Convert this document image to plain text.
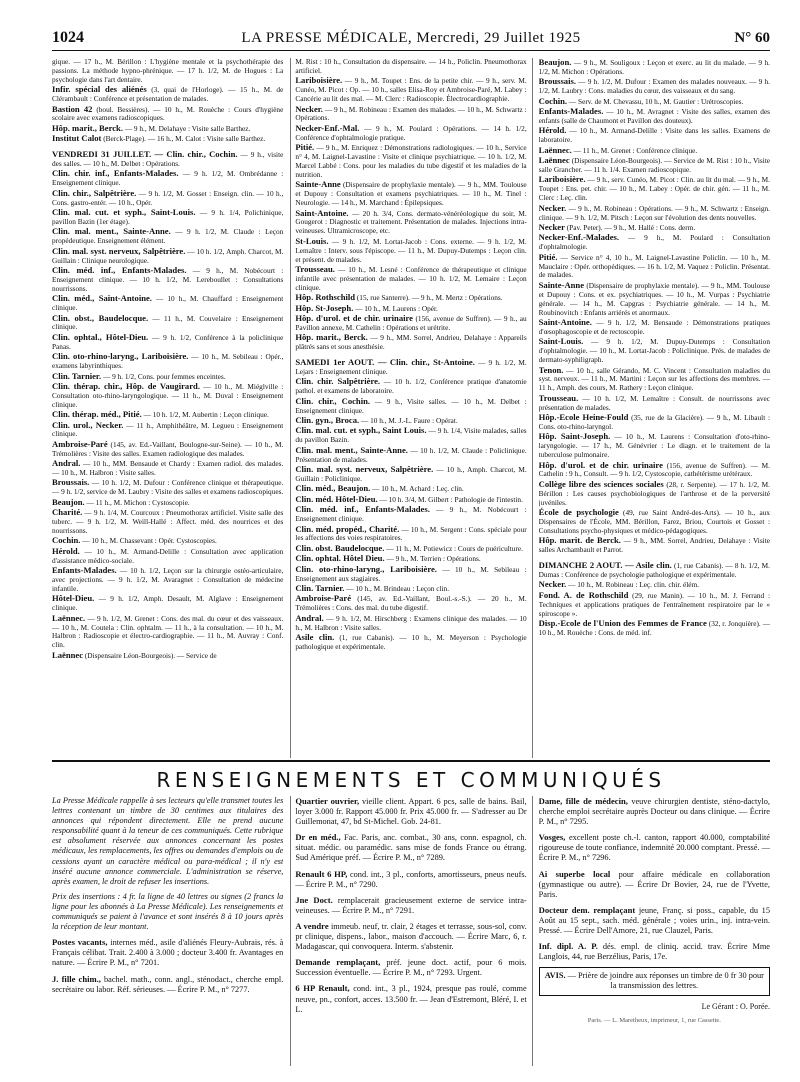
1024	LA PRESSE MÉDICALE, Mercredi, 29 Juillet 1925	N° 60

gique. — 17 h., M. Bérillon : L'hygiène mentale et la psychothérapie des passions. La méthode hypno-phrénique. — 17 h. 1/2, M. de Hogues : La psychologie dans l'art dentaire.

Infir. spécial des aliénés (3, quai de l'Horloge). — 15 h., M. de Clérambault : Conférence et présentation de malades.

Bastion 42 (boul. Bessières). — 10 h., M. Rouèche : Cours d'hygiène scolaire avec examens radioscopiques.

Hôp. marit., Berck. — 9 h., M. Delahaye : Visite salle Barthez.

Institut Calot (Berck-Plage). — 16 h., M. Calot : Visite salle Barthez.

VENDREDI 31 JUILLET. — Clin. chir., Cochin. — 9 h., visite des salles. — 10 h., M. Delbet : Opérations.

Clin. chir. inf., Enfants-Malades. — 9 h. 1/2, M. Ombrédanne : Enseignement clinique.

Clin. chir., Salpêtrière. — 9 h. 1/2, M. Gosset : Enseign. clin. — 10 h., Cons. gastro-entér. — 10 h., Opér.

Clin. mal. cut. et syph., Saint-Louis. — 9 h. 1/4, Polichinique, pavillon Bazin (1er étage).

Clin. mal. ment., Sainte-Anne. — 9 h. 1/2, M. Claude : Leçon propédeutique. Enseignement élément.

Clin. mal. syst. nerveux, Salpêtrière. — 10 h. 1/2, Amph. Charcot, M. Guillain : Clinique neurologique.

Clin. méd. inf., Enfants-Malades. — 9 h., M. Nobécourt : Enseignement clinique. — 10 h. 1/2, M. Lereboullet : Consultations nourrissons.

Clin. méd., Saint-Antoine. — 10 h., M. Chauffard : Enseignement clinique.

Clin. obst., Baudelocque. — 11 h., M. Couvelaire : Enseignement clinique.

Clin. ophtal., Hôtel-Dieu. — 9 h. 1/2, Conférence à la policlinique Panas.

Clin. oto-rhino-laryng., Lariboisière. — 10 h., M. Sebileau : Opér., examens labyrinthiques.

Clin. Tarnier. — 9 h. 1/2, Cons. pour femmes enceintes.

Clin. thérap. chir., Hôp. de Vaugirard. — 10 h., M. Miéglville : Consultation oto-rhino-laryngologique. — 11 h., M. Duval : Enseignement clinique.

Clin. thérap. méd., Pitié. — 10 h. 1/2, M. Aubertin : Leçon clinique.

Clin. urol., Necker. — 11 h., Amphithéâtre, M. Legueu : Enseignement clinique.

Ambroise-Paré (145, av. Ed.-Vaillant, Boulogne-sur-Seine). — 10 h., M. Trémolières : Visite des salles. Examen radiologique des malades.

Andral. — 10 h., MM. Bensaude et Chardy : Examen radiol. des malades. — 10 h., M. Halbron : Visite salles.

Broussais. — 10 h. 1/2, M. Dufour : Conférence clinique et thérapeutique. — 9 h. 1/2, service de M. Laubry : Visite des salles et examens radioscopiques.

Beaujon. — 11 h., M. Michon : Cystoscopie.

Charité. — 9 h. 1/4, M. Courcoux : Pneumothorax artificiel. Visite salle des tuberc. — 9 h. 1/2, M. Weill-Hallé : Affect. méd. des nourrices et des nourrissons.

Cochin. — 10 h., M. Chassevant : Opér. Cystoscopies.

Hérold. — 10 h., M. Armand-Delille : Consultation avec application d'assistance médico-sociale.

Enfants-Malades. — 10 h. 1/2, Leçon sur la chirurgie ostéo-articulaire, avec projections. — 9 h. 1/2, M. Avaragnet : Consultation de médecine infantile.

Hôtel-Dieu. — 9 h. 1/2, Amph. Desault, M. Alglave : Enseignement clinique.

Laënnec. — 9 h. 1/2, M. Grenet : Cons. des mal. du cœur et des vaisseaux. — 10 h., M. Coutela : Clin. ophtalm. — 11 h., à la consultation. — 10 h., M. Halbron : Radioscopie et électro-cardiographie. — 11 h., M. Auvray : Conf. clin.

Laënnec (Dispensaire Léon-Bourgeois). — Service de

M. Rist : 10 h., Consultation du dispensaire. — 14 h., Policlin. Pneumothorax artificiel.

Lariboisière. — 9 h., M. Toupet : Ens. de la petite chir. — 9 h., serv. M. Cunéo, M. Picot : Op. — 10 h., salles Elisa-Roy et Ambroise-Paré, M. Labey : Cancérie au lit des mal. — M. Clerc : Radioscopie. Électrocardiographie.

Necker. — 9 h., M. Robineau : Examen des malades. — 10 h., M. Schwartz : Opérations.

Necker-Enf.-Mal. — 9 h., M. Poulard : Opérations. — 14 h. 1/2, Conférence d'ophtalmologie pratique.

Pitié. — 9 h., M. Enriquez : Démonstrations radiologiques. — 10 h., Service n° 4, M. Laignel-Lavastine : Visite et clinique psychiatrique. — 10 h. 1/2, M. Marcel Labbé : Cons. pour les maladies du tube digestif et les maladies de la nutrition.

Sainte-Anne (Dispensaire de prophylaxie mentale). — 9 h., MM. Toulouse et Dupouy : Consultation et examens psychiatriques. — 10 h., M. Tinel : Neurologie. — 14 h., M. Marchand : Épilepsiques.

Saint-Antoine. — 20 h. 3/4, Cons. dermato-vénéréologique du soir, M. Gougerot : Diagnostic et traitement. Présentation de malades. Injections intra-veineuses. Ultramicroscope, etc.

St-Louis. — 9 h. 1/2, M. Lortat-Jacob : Cons. externe. — 9 h. 1/2, M. Lemaître : Interv. sous l'épiscope. — 11 h., M. Dupuy-Dutemps : Leçon clin. et présent. de malades.

Trousseau. — 10 h., M. Lesné : Conférence de thérapeutique et clinique infantile avec présentation de malades. — 10 h. 1/2, M. Lemaire : Leçon clinique.

Hôp. Rothschild (15, rue Santerre). — 9 h., M. Mertz : Opérations.

Hôp. St-Joseph. — 10 h., M. Laurens : Opér.

Hôp. d'urol. et de chir. urinaire (156, avenue de Suffren). — 9 h., au Pavillon annexe, M. Cathelin : Opérations et urétrite.

Hôp. marit., Berck. — 9 h., MM. Sorrel, Andrieu, Delahaye : Appareils plâtrés sans et sous anesthésie.

SAMEDI 1er AOUT. — Clin. chir., St-Antoine. — 9 h. 1/2, M. Lejars : Enseignement clinique.

Clin. chir. Salpêtrière. — 10 h. 1/2, Conférence pratique d'anatomie pathol. et examens de laboratoire.

Clin. chir., Cochin. — 9 h., Visite salles. — 10 h., M. Delbet : Enseignement clinique.

Clin. gyn., Broca. — 10 h., M. J.-L. Faure : Opérat.

Clin. mal. cut. et syph., Saint Louis. — 9 h. 1/4, Visite malades, salles du pavillon Bazin.

Clin. mal. ment., Sainte-Anne. — 10 h. 1/2, M. Claude : Policlinique. Présentation de malades.

Clin. mal. syst. nerveux, Salpêtrière. — 10 h., Amph. Charcot, M. Guillain : Policlinique.

Clin. méd., Beaujon. — 10 h., M. Achard : Leç. clin.

Clin. méd. Hôtel-Dieu. — 10 h. 3/4, M. Gilbert : Pathologie de l'intestin.

Clin. méd. inf., Enfants-Malades. — 9 h., M. Nobécourt : Enseignement clinique.

Clin. méd. propéd., Charité. — 10 h., M. Sergent : Cons. spéciale pour les affections des voies respiratoires.

Clin. obst. Baudelocque. — 11 h., M. Potiewicz : Cours de puériculture.

Clin. ophtal. Hôtel Dieu. — 9 h., M. Terrien : Opérations.

Clin. oto-rhino-laryng., Lariboisière. — 10 h., M. Sebileau : Enseignement aux stagiaires.

Clin. Tarnier. — 10 h., M. Brindeau : Leçon clin.

Ambroise-Paré (145, av. Ed.-Vaillant, Boul.-s.-S.). — 20 h., M. Trémolières : Cons. des mal. du tube digestif.

Andral. — 9 h. 1/2, M. Hirschberg : Examens clinique des malades. — 10 h., M. Halbron : Visite salles.

Asile clin. (1, rue Cabanis). — 10 h., M. Meyerson : Psychologie pathologique et expérimentale.

Beaujon. — 9 h., M. Souligoux : Leçon et exerc. au lit du malade. — 9 h. 1/2, M. Michon : Opérations.

Broussais. — 9 h. 1/2, M. Dufour : Examen des malades nouveaux. — 9 h. 1/2, M. Laubry : Cons. maladies du cœur, des vaisseaux et du sang.

Cochin. — Serv. de M. Chevassu, 10 h., M. Gautier : Urétroscopies.

Enfants-Malades. — 10 h., M. Avragnet : Visite des salles, examen des enfants (salle de Chaumont et Pavillon des douteux).

Hérold. — 10 h., M. Armand-Delille : Visite dans les salles. Examens de laboratoire.

Laënnec. — 11 h., M. Grenet : Conférence clinique.

Laënnec (Dispensaire Léon-Bourgeois). — Service de M. Rist : 10 h., Visite salle Grancher. — 11 h. 1/4. Examen radioscopique.

Lariboisière. — 9 h., serv. Cunéo, M. Picot : Clin. au lit du mal. — 9 h., M. Toupet : Ens. pet. chir. — 10 h., M. Labey : Opér. de chir. gén. — 11 h., M. Clerc : Leç. clin.

Necker. — 9 h., M. Robineau : Opérations. — 9 h., M. Schwartz : Enseign. clinique. — 9 h. 1/2, M. Pitsch : Leçon sur l'évolution des dents nouvelles.

Necker (Pav. Peter). — 9 h., M. Hallé : Cons. derm.

Necker-Enf.-Malades. — 9 h., M. Poulard : Consultation d'ophtalmologie.

Pitié. — Service n° 4, 10 h., M. Laignel-Lavastine Policlin. — 10 h., M. Mauclaire : Opér. orthopédiques. — 16 h. 1/2, M. Vaquez : Policlin. Présentat. de malades.

Sainte-Anne (Dispensaire de prophylaxie mentale). — 9 h., MM. Toulouse et Dupouy : Cons. et ex. psychiatriques. — 10 h., M. Vurpas : Psychiatrie générale. — 14 h., M. Capgras : Psychiatrie générale. — 14 h., M. Roubinovitch : Enfants arriérés et anormaux.

Saint-Antoine. — 9 h. 1/2, M. Bensaude : Démonstrations pratiques d'œsophagoscopie et de rectoscopie.

Saint-Louis. — 9 h. 1/2, M. Dupuy-Dutemps : Consultation d'ophtalmologie. — 10 h., M. Lortat-Jacob : Policlinique. Prés. de malades de dermato-syphiligraph.

Tenon. — 10 h., salle Gérando, M. C. Vincent : Consultation maladies du syst. nerveux. — 11 h., M. Martini : Leçon sur les affections des membres. — 11 h., Amph. des cours, M. Rathery : Leçon clinique.

Trousseau. — 10 h. 1/2, M. Lemaître : Consult. de nourrissons avec présentation de malades.

Hôp.-Ecole Heine-Fould (35, rue de la Glacière). — 9 h., M. Libault : Cons. oto-rhino-laryngol.

Hôp. Saint-Joseph. — 10 h., M. Laurens : Consultation d'oto-rhino-laryngologie. — 17 h., M. Génévrier : Le diagn. et le traitement de la tuberculose pulmonaire.

Hôp. d'urol. et de chir. urinaire (156, avenue de Suffren). — M. Cathelin : 9 h., Consult. — 9 h. 1/2, Cystoscopie, cathétérisme urétéraux.

Collège libre des sciences sociales (28, r. Serpente). — 17 h. 1/2, M. Bérillon : Les causes psychobiologiques de l'arthrose et de la perversité juvéniles.

École de psychologie (49, rue Saint André-des-Arts). — 10 h., aux Dispensaires de l'École, MM. Bérillon, Farez, Briou, Courtois et Gosset : Consultations psycho-physiques et médico-pédagogiques.

Hôp. marit. de Berck. — 9 h., MM. Sorrel, Andrieu, Delahaye : Visite salles Archambault et Parrot.

DIMANCHE 2 AOUT. — Asile clin. (1, rue Cabanis). — 8 h. 1/2, M. Dumas : Conférence de psychologie pathologique et expérimentale.

Necker. — 10 h., M. Robineau : Leç. clin. chir. élém.

Fond. A. de Rothschild (29, rue Manin). — 10 h., M. J. Ferrand : Techniques et applications pratiques de l'entraînement respiratoire par le « spiroscope ».

Disp.-Ecole de l'Union des Femmes de France (32, r. Jonquière). — 10 h., M. Rouèche : Cons. de méd. inf.

RENSEIGNEMENTS ET COMMUNIQUÉS

La Presse Médicale rappelle à ses lecteurs qu'elle transmet toutes les lettres contenant un timbre de 30 centimes aux titulaires des annonces qui répondent directement. Elle ne prend aucune responsabilité quant à la teneur de ces communiqués. Cette rubrique est absolument réservée aux annonces concernant les postes médicaux, les remplacements, les offres ou demandes d'emplois ou de cessions ayant un caractère médical ou para-médical ; il n'y est inséré aucune annonce commerciale. L'administration se réserve, après examen, le droit de refuser les insertions.

Prix des insertions : 4 fr. la ligne de 40 lettres ou signes (2 francs la ligne pour les abonnés à La Presse Médicale). Les renseignements et communiqués se paient à l'avance et sont insérés 8 à 10 jours après la réception de leur montant.

Postes vacants, internes méd., asile d'aliénés Fleury-Aubrais, rés. à Français célibat. Trait. 2.400 à 3.000 ; docteur 3.400 fr. Avantages en nature. — Écrire P. M., n° 7201.

J. fille chim., bachel. math., conn. angl., sténodact., cherche empl. secrétaire ou labor. Réf. sérieuses. — Écrire P. M., n° 7277.

Quartier ouvrier, vieille client. Appart. 6 pcs, salle de bains. Bail, loyer 3.000 fr. Rapport 45.000 fr. Prix 45.000 fr. — S'adresser au Dr Guillemonat, 47, bd St-Michel. Gob. 24-81.

Dr en méd., Fac. Paris, anc. combat., 30 ans, conn. espagnol, ch. situat. médic. ou paramédic. sans mise de fonds France ou étrang. Sud Amérique préf. — Écrire P. M., n° 7289.

Renault 6 HP, cond. int., 3 pl., conforts, amortisseurs, pneus neufs. — Écrire P. M., n° 7290.

Jne Doct. remplacerait gracieusement externe de service intra-veineuses. — Écrire P. M., n° 7291.

A vendre immeub. neuf, tr. clair, 2 étages et terrasse, sous-sol, conv. pr clinique, dispens., labor., maison d'accouch. — Écrire Marc, 6, r. Madagascar, qui convoquera. Interm. s'abstenir.

Demande remplaçant, préf. jeune doct. actif, pour 6 mois. Succession éventuelle. — Écrire P. M., n° 7293. Urgent.

6 HP Renault, cond. int., 3 pl., 1924, presque pas roulé, comme neuve, pn., confort, acces. 13.500 fr. — Jean d'Estremont, Bléré, I. et L.

Dame, fille de médecin, veuve chirurgien dentiste, sténo-dactylo, cherche emploi secrétaire auprès Docteur ou dans clinique. — Écrire P. M., n° 7295.

Vosges, excellent poste ch.-l. canton, rapport 40.000, comptabilité rigoureuse de toute confiance, indemnité 20.000 comptant. Pressé. — Écrire P. M., n° 7296.

Ai superbe local pour affaire médicale en collaboration (gymnastique ou autre). — Écrire Dr Bovier, 24, rue de l'Yvette, Paris.

Docteur dem. remplaçant jeune, Franç. si poss., capable, du 15 Août au 15 sept., sach. méd. générale ; voies urin., inj. intra-vein. Pressé. — Écrire Dell'Amore, 21, rue Clauzel, Paris.

Inf. dipl. A. P. dés. empl. de cliniq. accid. trav. Écrire Mme Langlois, 44, rue Berzélius, Paris, 17e.

AVIS. — Prière de joindre aux réponses un timbre de 0 fr 30 pour la transmission des lettres.
Le Gérant : O. Porée.
Paris. — L. Maretheux, imprimeur, 1, rue Cassette.
